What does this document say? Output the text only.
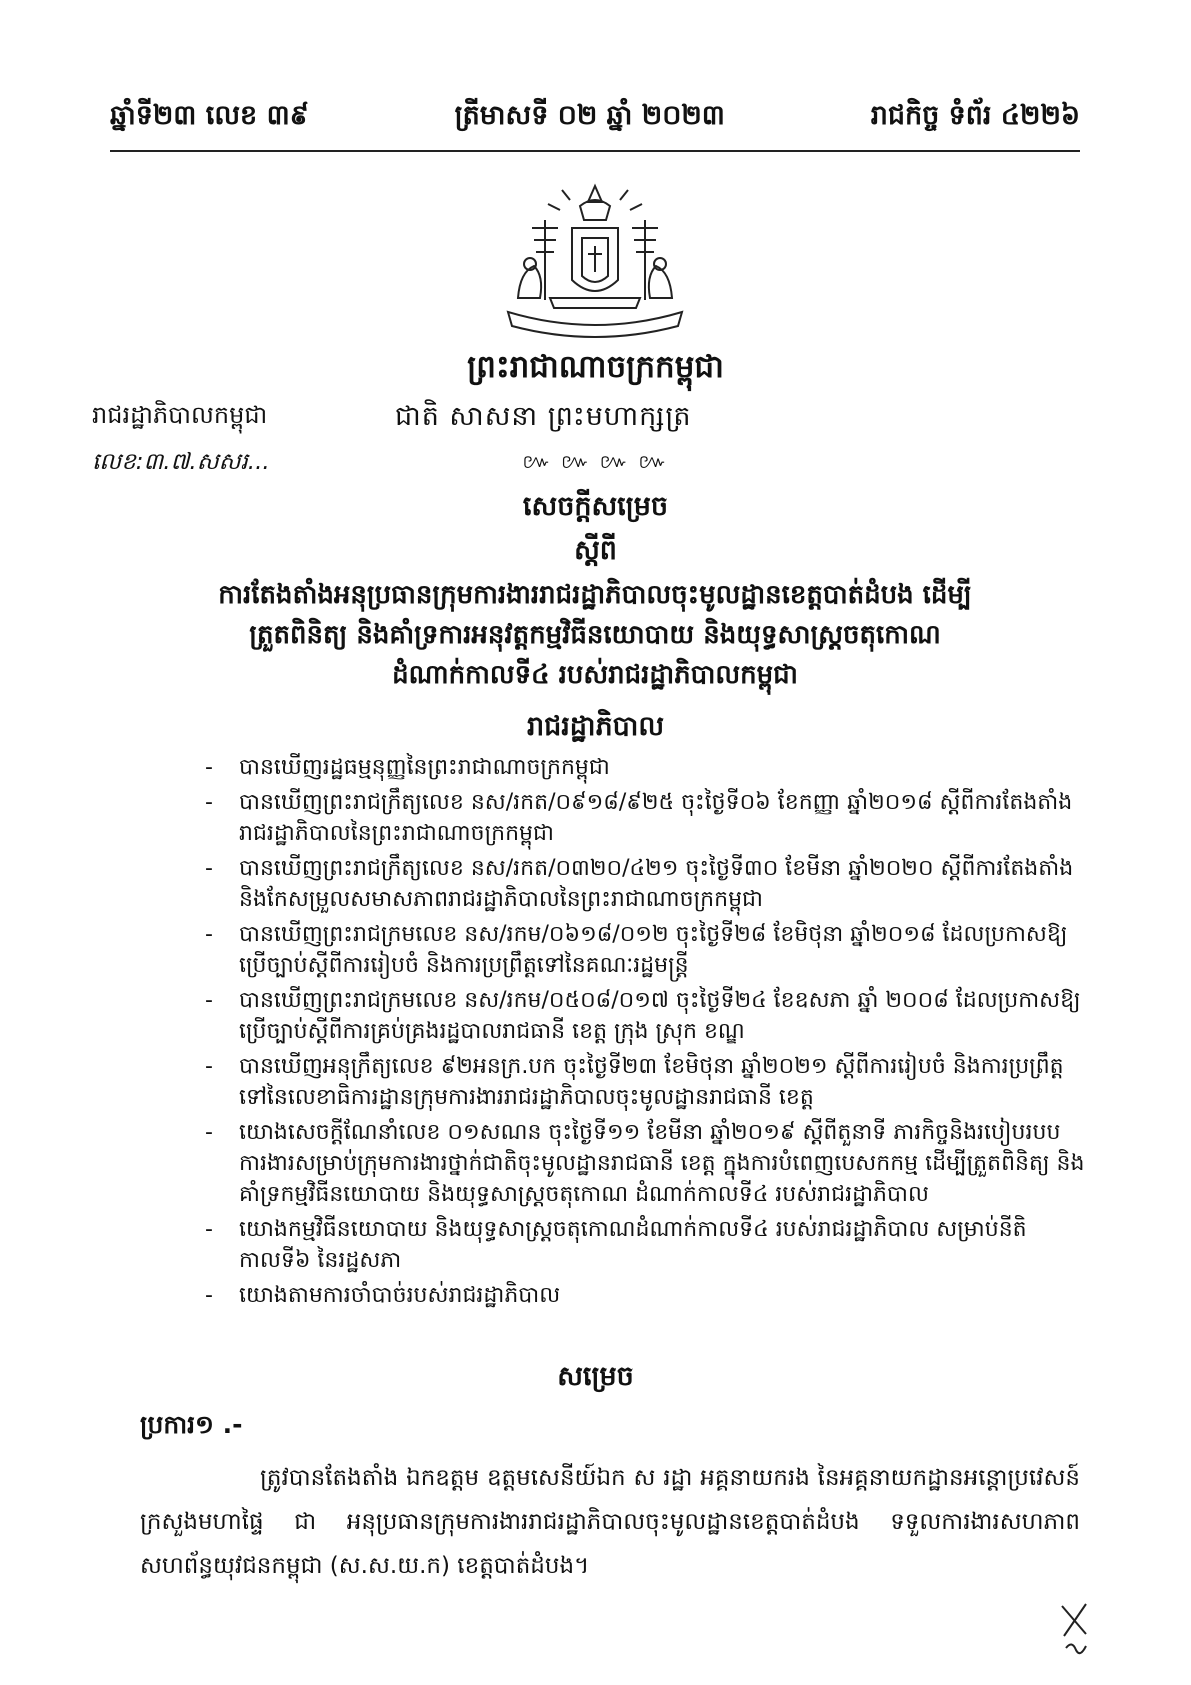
ឆ្នាំទី២៣ លេខ ៣៩	ត្រីមាសទី ០២ ឆ្នាំ ២០២៣	រាជកិច្ច ទំព័រ ៤២២៦
ព្រះរាជាណាចក្រកម្ពុជា
រាជរដ្ឋាភិបាលកម្ពុជា	ជាតិ សាសនា ព្រះមហាក្សត្រ
លេខ:៣.៧.សសរ...	៚ ៚ ៚ ៚
សេចក្ដីសម្រេច
ស្ដីពី
ការតែងតាំងអនុប្រធានក្រុមការងាររាជរដ្ឋាភិបាលចុះមូលដ្ឋានខេត្តបាត់ដំបង ដើម្បី
ត្រួតពិនិត្យ និងគាំទ្រការអនុវត្តកម្មវិធីនយោបាយ និងយុទ្ធសាស្ត្រចតុកោណ
ដំណាក់កាលទី៤ របស់រាជរដ្ឋាភិបាលកម្ពុជា
រាជរដ្ឋាភិបាល
- បានឃើញរដ្ឋធម្មនុញ្ញនៃព្រះរាជាណាចក្រកម្ពុជា
- បានឃើញព្រះរាជក្រឹត្យលេខ នស/រកត/០៩១៨/៩២៥ ចុះថ្ងៃទី០៦ ខែកញ្ញា ឆ្នាំ២០១៨ ស្ដីពីការតែងតាំងរាជរដ្ឋាភិបាលនៃព្រះរាជាណាចក្រកម្ពុជា
- បានឃើញព្រះរាជក្រឹត្យលេខ នស/រកត/០៣២០/៤២១ ចុះថ្ងៃទី៣០ ខែមីនា ឆ្នាំ២០២០ ស្ដីពីការតែងតាំង និងកែសម្រួលសមាសភាពរាជរដ្ឋាភិបាលនៃព្រះរាជាណាចក្រកម្ពុជា
- បានឃើញព្រះរាជក្រមលេខ នស/រកម/០៦១៨/០១២ ចុះថ្ងៃទី២៨ ខែមិថុនា ឆ្នាំ២០១៨ ដែលប្រកាសឱ្យប្រើច្បាប់ស្ដីពីការរៀបចំ និងការប្រព្រឹត្តទៅនៃគណៈរដ្ឋមន្ត្រី
- បានឃើញព្រះរាជក្រមលេខ នស/រកម/០៥០៨/០១៧ ចុះថ្ងៃទី២៤ ខែឧសភា ឆ្នាំ ២០០៨ ដែលប្រកាសឱ្យប្រើច្បាប់ស្ដីពីការគ្រប់គ្រងរដ្ឋបាលរាជធានី ខេត្ត ក្រុង ស្រុក ខណ្ឌ
- បានឃើញអនុក្រឹត្យលេខ ៩២អនក្រ.បក ចុះថ្ងៃទី២៣ ខែមិថុនា ឆ្នាំ២០២១ ស្ដីពីការរៀបចំ និងការប្រព្រឹត្តទៅនៃលេខាធិការដ្ឋានក្រុមការងាររាជរដ្ឋាភិបាលចុះមូលដ្ឋានរាជធានី ខេត្ត
- យោងសេចក្ដីណែនាំលេខ ០១សណន ចុះថ្ងៃទី១១ ខែមីនា ឆ្នាំ២០១៩ ស្ដីពីតួនាទី ភារកិច្ចនិងរបៀបរបបការងារសម្រាប់ក្រុមការងារថ្នាក់ជាតិចុះមូលដ្ឋានរាជធានី ខេត្ត ក្នុងការបំពេញបេសកកម្ម ដើម្បីត្រួតពិនិត្យ និងគាំទ្រកម្មវិធីនយោបាយ និងយុទ្ធសាស្ត្រចតុកោណ ដំណាក់កាលទី៤ របស់រាជរដ្ឋាភិបាល
- យោងកម្មវិធីនយោបាយ និងយុទ្ធសាស្ត្រចតុកោណដំណាក់កាលទី៤ របស់រាជរដ្ឋាភិបាល សម្រាប់នីតិកាលទី៦ នៃរដ្ឋសភា
- យោងតាមការចាំបាច់របស់រាជរដ្ឋាភិបាល
សម្រេច
ប្រការ១ .-

ត្រូវបានតែងតាំង ឯកឧត្តម ឧត្តមសេនីយ៍ឯក ស រដ្ឋា អគ្គនាយករង នៃអគ្គនាយកដ្ឋានអន្តោប្រវេសន៍ ក្រសួងមហាផ្ទៃ ជា អនុប្រធានក្រុមការងាររាជរដ្ឋាភិបាលចុះមូលដ្ឋានខេត្តបាត់ដំបង ទទួលការងារសហភាពសហព័ន្ធយុវជនកម្ពុជា (ស.ស.យ.ក) ខេត្តបាត់ដំបង។
